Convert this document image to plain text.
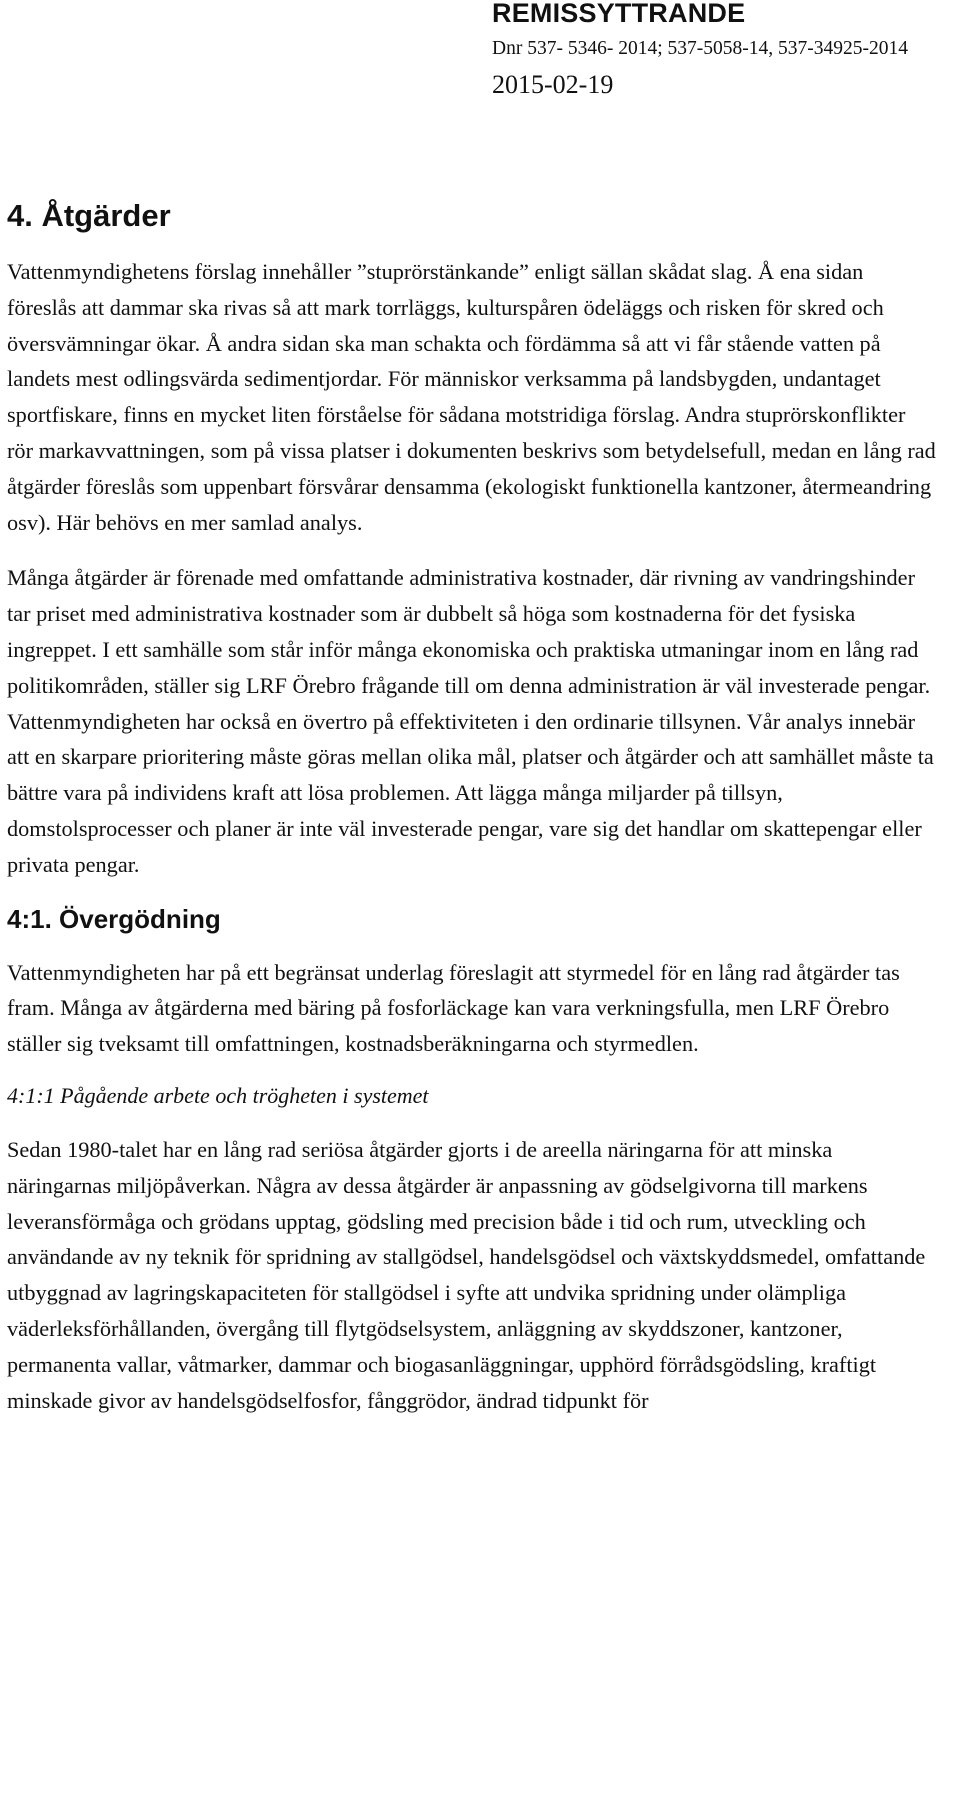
REMISSYTTRANDE
Dnr 537- 5346- 2014; 537-5058-14, 537-34925-2014
2015-02-19
4. Åtgärder

Vattenmyndighetens förslag innehåller ”stuprörstänkande” enligt sällan skådat slag. Å ena sidan föreslås att dammar ska rivas så att mark torrläggs, kulturspåren ödeläggs och risken för skred och översvämningar ökar. Å andra sidan ska man schakta och fördämma så att vi får stående vatten på landets mest odlingsvärda sedimentjordar. För människor verksamma på landsbygden, undantaget sportfiskare, finns en mycket liten förståelse för sådana motstridiga förslag. Andra stuprörskonflikter rör markavvattningen, som på vissa platser i dokumenten beskrivs som betydelsefull, medan en lång rad åtgärder föreslås som uppenbart försvårar densamma (ekologiskt funktionella kantzoner, återmeandring osv). Här behövs en mer samlad analys.

Många åtgärder är förenade med omfattande administrativa kostnader, där rivning av vandringshinder tar priset med administrativa kostnader som är dubbelt så höga som kostnaderna för det fysiska ingreppet. I ett samhälle som står inför många ekonomiska och praktiska utmaningar inom en lång rad politikområden, ställer sig LRF Örebro frågande till om denna administration är väl investerade pengar. Vattenmyndigheten har också en övertro på effektiviteten i den ordinarie tillsynen. Vår analys innebär att en skarpare prioritering måste göras mellan olika mål, platser och åtgärder och att samhället måste ta bättre vara på individens kraft att lösa problemen. Att lägga många miljarder på tillsyn, domstolsprocesser och planer är inte väl investerade pengar, vare sig det handlar om skattepengar eller privata pengar.

4:1. Övergödning

Vattenmyndigheten har på ett begränsat underlag föreslagit att styrmedel för en lång rad åtgärder tas fram. Många av åtgärderna med bäring på fosforläckage kan vara verkningsfulla, men LRF Örebro ställer sig tveksamt till omfattningen, kostnadsberäkningarna och styrmedlen.

4:1:1 Pågående arbete och trögheten i systemet

Sedan 1980-talet har en lång rad seriösa åtgärder gjorts i de areella näringarna för att minska näringarnas miljöpåverkan. Några av dessa åtgärder är anpassning av gödselgivorna till markens leveransförmåga och grödans upptag, gödsling med precision både i tid och rum, utveckling och användande av ny teknik för spridning av stallgödsel, handelsgödsel och växtskyddsmedel, omfattande utbyggnad av lagringskapaciteten för stallgödsel i syfte att undvika spridning under olämpliga väderleksförhållanden, övergång till flytgödselsystem, anläggning av skyddszoner, kantzoner, permanenta vallar, våtmarker, dammar och biogasanläggningar, upphörd förrådsgödsling, kraftigt minskade givor av handelsgödselfosfor, fånggrödor, ändrad tidpunkt för
